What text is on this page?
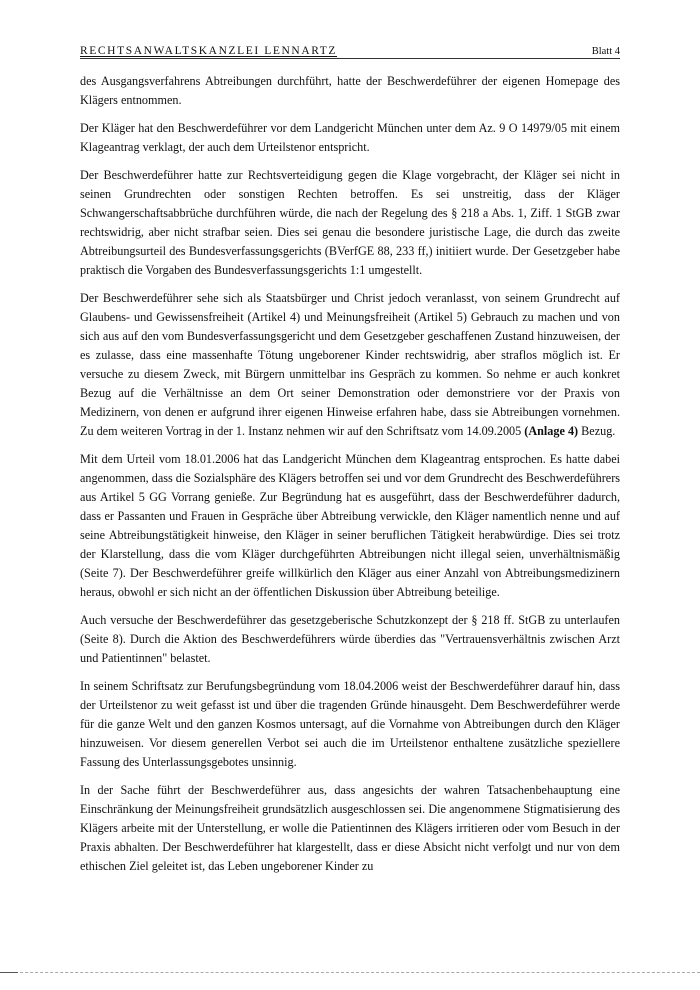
RECHTSANWALTSKANZLEI LENNARTZ	Blatt 4

des Ausgangsverfahrens Abtreibungen durchführt, hatte der Beschwerdeführer der eigenen Homepage des Klägers entnommen.

Der Kläger hat den Beschwerdeführer vor dem Landgericht München unter dem Az. 9 O 14979/05 mit einem Klageantrag verklagt, der auch dem Urteilstenor entspricht.

Der Beschwerdeführer hatte zur Rechtsverteidigung gegen die Klage vorgebracht, der Kläger sei nicht in seinen Grundrechten oder sonstigen Rechten betroffen. Es sei unstreitig, dass der Kläger Schwangerschaftsabbrüche durchführen würde, die nach der Regelung des § 218 a Abs. 1, Ziff. 1 StGB zwar rechtswidrig, aber nicht strafbar seien. Dies sei genau die besondere juristische Lage, die durch das zweite Abtreibungsurteil des Bundesverfassungsgerichts (BVerfGE 88, 233 ff,) initiiert wurde. Der Gesetzgeber habe praktisch die Vorgaben des Bundesverfassungsgerichts 1:1 umgestellt.

Der Beschwerdeführer sehe sich als Staatsbürger und Christ jedoch veranlasst, von seinem Grundrecht auf Glaubens- und Gewissensfreiheit (Artikel 4) und Meinungsfreiheit (Artikel 5) Gebrauch zu machen und von sich aus auf den vom Bundesverfassungsgericht und dem Gesetzgeber geschaffenen Zustand hinzuweisen, der es zulasse, dass eine massenhafte Tötung ungeborener Kinder rechtswidrig, aber straflos möglich ist. Er versuche zu diesem Zweck, mit Bürgern unmittelbar ins Gespräch zu kommen. So nehme er auch konkret Bezug auf die Verhältnisse an dem Ort seiner Demonstration oder demonstriere vor der Praxis von Medizinern, von denen er aufgrund ihrer eigenen Hinweise erfahren habe, dass sie Abtreibungen vornehmen. Zu dem weiteren Vortrag in der 1. Instanz nehmen wir auf den Schriftsatz vom 14.09.2005 (Anlage 4) Bezug.

Mit dem Urteil vom 18.01.2006 hat das Landgericht München dem Klageantrag entsprochen. Es hatte dabei angenommen, dass die Sozialsphäre des Klägers betroffen sei und vor dem Grundrecht des Beschwerdeführers aus Artikel 5 GG Vorrang genieße. Zur Begründung hat es ausgeführt, dass der Beschwerdeführer dadurch, dass er Passanten und Frauen in Gespräche über Abtreibung verwickle, den Kläger namentlich nenne und auf seine Abtreibungstätigkeit hinweise, den Kläger in seiner beruflichen Tätigkeit herabwürdige. Dies sei trotz der Klarstellung, dass die vom Kläger durchgeführten Abtreibungen nicht illegal seien, unverhältnismäßig (Seite 7). Der Beschwerdeführer greife willkürlich den Kläger aus einer Anzahl von Abtreibungsmedizinern heraus, obwohl er sich nicht an der öffentlichen Diskussion über Abtreibung beteilige.

Auch versuche der Beschwerdeführer das gesetzgeberische Schutzkonzept der § 218 ff. StGB zu unterlaufen (Seite 8). Durch die Aktion des Beschwerdeführers würde überdies das "Vertrauensverhältnis zwischen Arzt und Patientinnen" belastet.

In seinem Schriftsatz zur Berufungsbegründung vom 18.04.2006 weist der Beschwerdeführer darauf hin, dass der Urteilstenor zu weit gefasst ist und über die tragenden Gründe hinausgeht. Dem Beschwerdeführer werde für die ganze Welt und den ganzen Kosmos untersagt, auf die Vornahme von Abtreibungen durch den Kläger hinzuweisen. Vor diesem generellen Verbot sei auch die im Urteilstenor enthaltene zusätzliche speziellere Fassung des Unterlassungsgebotes unsinnig.

In der Sache führt der Beschwerdeführer aus, dass angesichts der wahren Tatsachenbehauptung eine Einschränkung der Meinungsfreiheit grundsätzlich ausgeschlossen sei. Die angenommene Stigmatisierung des Klägers arbeite mit der Unterstellung, er wolle die Patientinnen des Klägers irritieren oder vom Besuch in der Praxis abhalten. Der Beschwerdeführer hat klargestellt, dass er diese Absicht nicht verfolgt und nur von dem ethischen Ziel geleitet ist, das Leben ungeborener Kinder zu
